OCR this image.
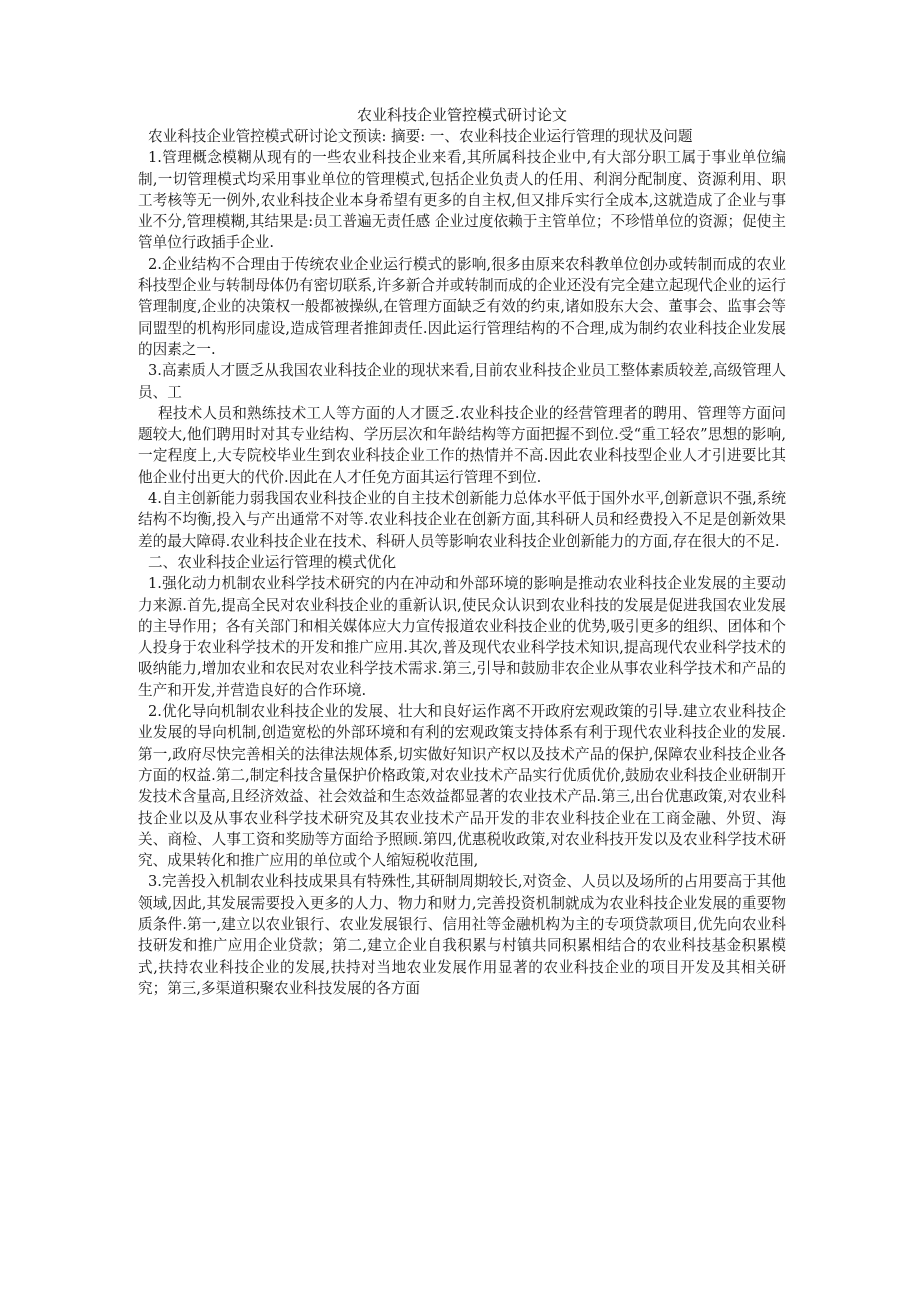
农业科技企业管控模式研讨论文

农业科技企业管控模式研讨论文预读: 摘要: 一、农业科技企业运行管理的现状及问题

1.管理概念模糊从现有的一些农业科技企业来看,其所属科技企业中,有大部分职工属于事业单位编制,一切管理模式均采用事业单位的管理模式,包括企业负责人的任用、利润分配制度、资源利用、职工考核等无一例外,农业科技企业本身希望有更多的自主权,但又排斥实行全成本,这就造成了企业与事业不分,管理模糊,其结果是:员工普遍无责任感 企业过度依赖于主管单位；不珍惜单位的资源；促使主管单位行政插手企业.

2.企业结构不合理由于传统农业企业运行模式的影响,很多由原来农科教单位创办或转制而成的农业科技型企业与转制母体仍有密切联系,许多新合并或转制而成的企业还没有完全建立起现代企业的运行管理制度,企业的决策权一般都被操纵,在管理方面缺乏有效的约束,诸如股东大会、董事会、监事会等同盟型的机构形同虚设,造成管理者推卸责任.因此运行管理结构的不合理,成为制约农业科技企业发展的因素之一.

3.高素质人才匮乏从我国农业科技企业的现状来看,目前农业科技企业员工整体素质较差,高级管理人员、工

程技术人员和熟练技术工人等方面的人才匮乏.农业科技企业的经营管理者的聘用、管理等方面问题较大,他们聘用时对其专业结构、学历层次和年龄结构等方面把握不到位.受“重工轻农”思想的影响,一定程度上,大专院校毕业生到农业科技企业工作的热情并不高.因此农业科技型企业人才引进要比其他企业付出更大的代价.因此在人才任免方面其运行管理不到位.

4.自主创新能力弱我国农业科技企业的自主技术创新能力总体水平低于国外水平,创新意识不强,系统结构不均衡,投入与产出通常不对等.农业科技企业在创新方面,其科研人员和经费投入不足是创新效果差的最大障碍.农业科技企业在技术、科研人员等影响农业科技企业创新能力的方面,存在很大的不足.

二、农业科技企业运行管理的模式优化

1.强化动力机制农业科学技术研究的内在冲动和外部环境的影响是推动农业科技企业发展的主要动力来源.首先,提高全民对农业科技企业的重新认识,使民众认识到农业科技的发展是促进我国农业发展的主导作用；各有关部门和相关媒体应大力宣传报道农业科技企业的优势,吸引更多的组织、团体和个人投身于农业科学技术的开发和推广应用.其次,普及现代农业科学技术知识,提高现代农业科学技术的吸纳能力,增加农业和农民对农业科学技术需求.第三,引导和鼓励非农企业从事农业科学技术和产品的生产和开发,并营造良好的合作环境.

2.优化导向机制农业科技企业的发展、壮大和良好运作离不开政府宏观政策的引导.建立农业科技企业发展的导向机制,创造宽松的外部环境和有利的宏观政策支持体系有利于现代农业科技企业的发展.第一,政府尽快完善相关的法律法规体系,切实做好知识产权以及技术产品的保护,保障农业科技企业各方面的权益.第二,制定科技含量保护价格政策,对农业技术产品实行优质优价,鼓励农业科技企业研制开发技术含量高,且经济效益、社会效益和生态效益都显著的农业技术产品.第三,出台优惠政策,对农业科技企业以及从事农业科学技术研究及其农业技术产品开发的非农业科技企业在工商金融、外贸、海关、商检、人事工资和奖励等方面给予照顾.第四,优惠税收政策,对农业科技开发以及农业科学技术研究、成果转化和推广应用的单位或个人缩短税收范围,

3.完善投入机制农业科技成果具有特殊性,其研制周期较长,对资金、人员以及场所的占用要高于其他领域,因此,其发展需要投入更多的人力、物力和财力,完善投资机制就成为农业科技企业发展的重要物质条件.第一,建立以农业银行、农业发展银行、信用社等金融机构为主的专项贷款项目,优先向农业科技研发和推广应用企业贷款；第二,建立企业自我积累与村镇共同积累相结合的农业科技基金积累模式,扶持农业科技企业的发展,扶持对当地农业发展作用显著的农业科技企业的项目开发及其相关研究；第三,多渠道积聚农业科技发展的各方面
